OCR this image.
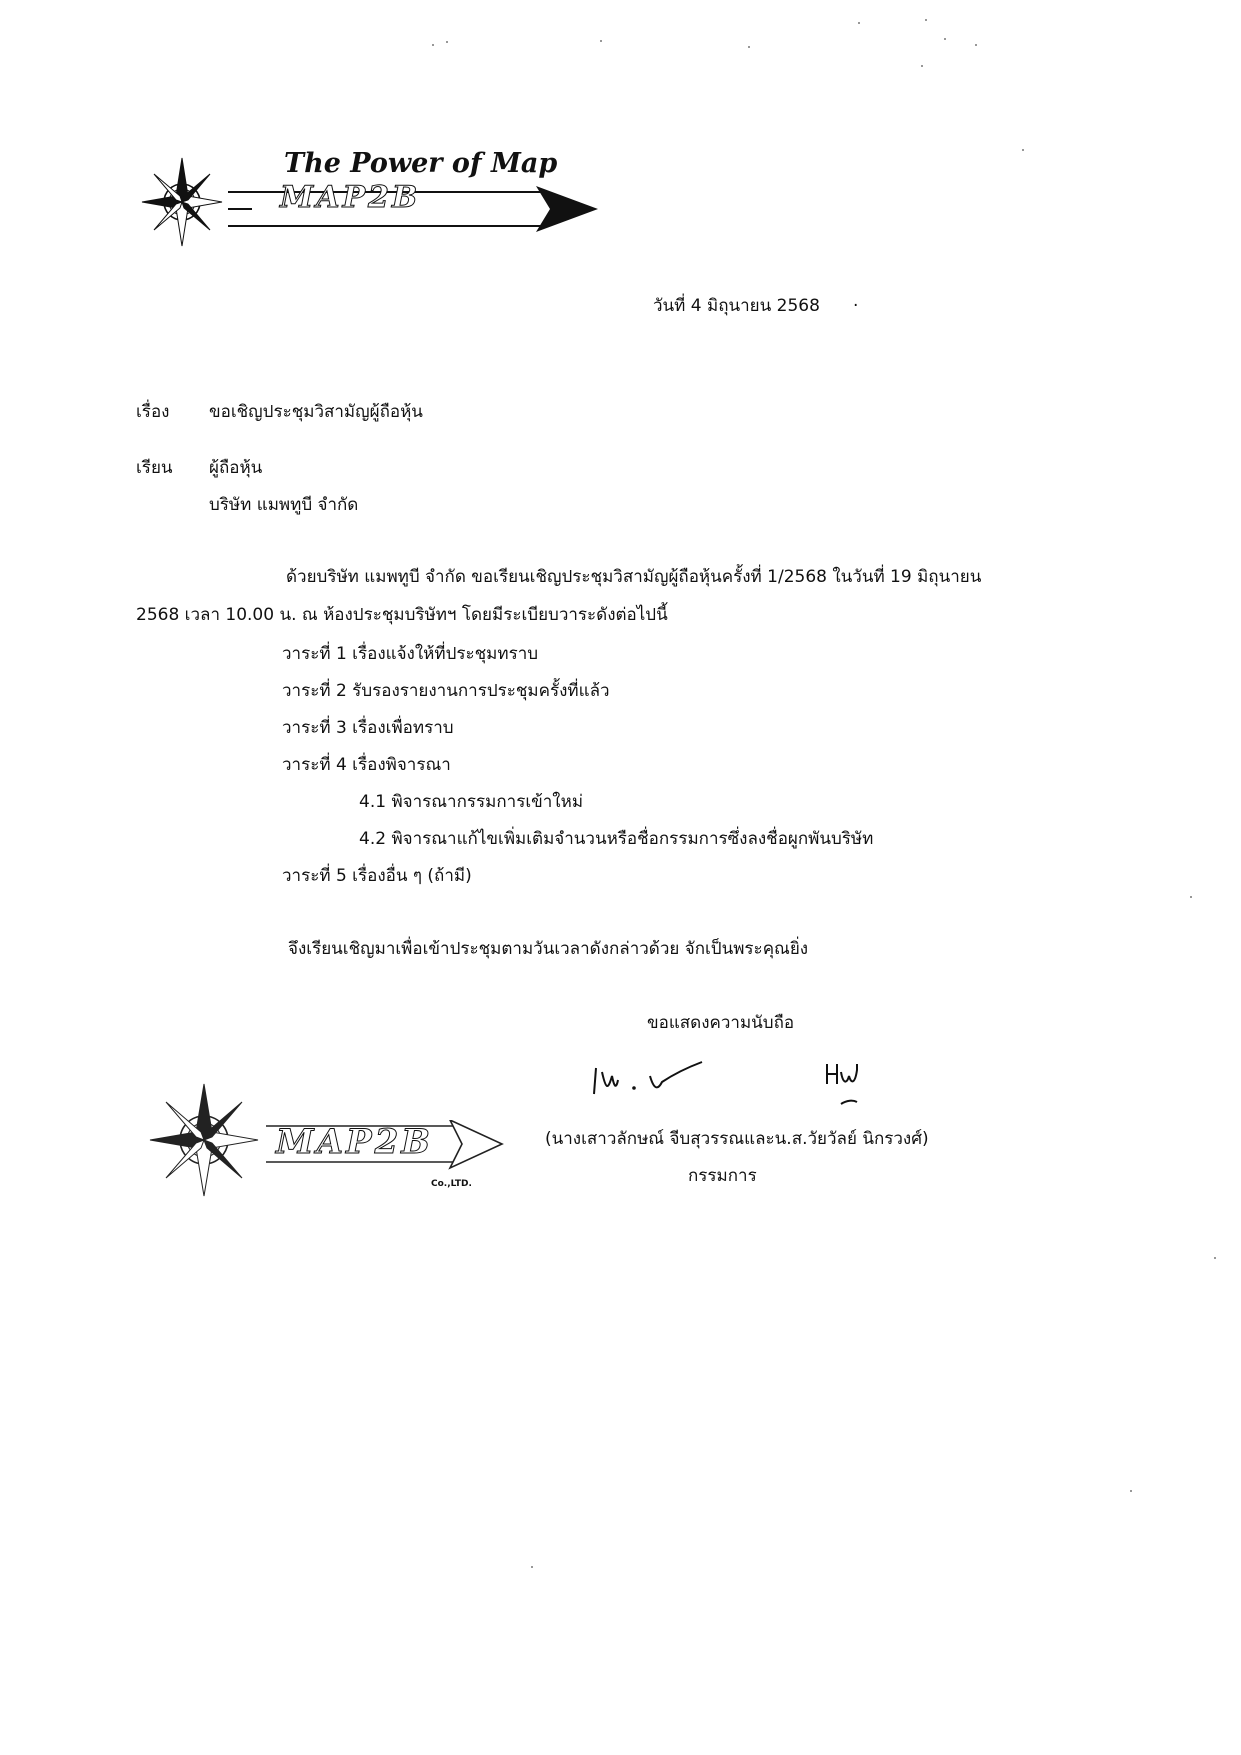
The Power of Map
MAP2B
วันที่ 4 มิถุนายน 2568 ·
เรื่อง ขอเชิญประชุมวิสามัญผู้ถือหุ้น
เรียน ผู้ถือหุ้น
บริษัท แมพทูบี จำกัด
ด้วยบริษัท แมพทูบี จำกัด ขอเรียนเชิญประชุมวิสามัญผู้ถือหุ้นครั้งที่ 1/2568 ในวันที่ 19 มิถุนายน
2568 เวลา 10.00 น. ณ ห้องประชุมบริษัทฯ โดยมีระเบียบวาระดังต่อไปนี้
วาระที่ 1 เรื่องแจ้งให้ที่ประชุมทราบ
วาระที่ 2 รับรองรายงานการประชุมครั้งที่แล้ว
วาระที่ 3 เรื่องเพื่อทราบ
วาระที่ 4 เรื่องพิจารณา
4.1 พิจารณากรรมการเข้าใหม่
4.2 พิจารณาแก้ไขเพิ่มเติมจำนวนหรือชื่อกรรมการซึ่งลงชื่อผูกพันบริษัท
วาระที่ 5 เรื่องอื่น ๆ (ถ้ามี)
จึงเรียนเชิญมาเพื่อเข้าประชุมตามวันเวลาดังกล่าวด้วย จักเป็นพระคุณยิ่ง
ขอแสดงความนับถือ
(นางเสาวลักษณ์ จีบสุวรรณและน.ส.วัยวัลย์ นิกรวงศ์)
กรรมการ
MAP2B
Co.,LTD.
